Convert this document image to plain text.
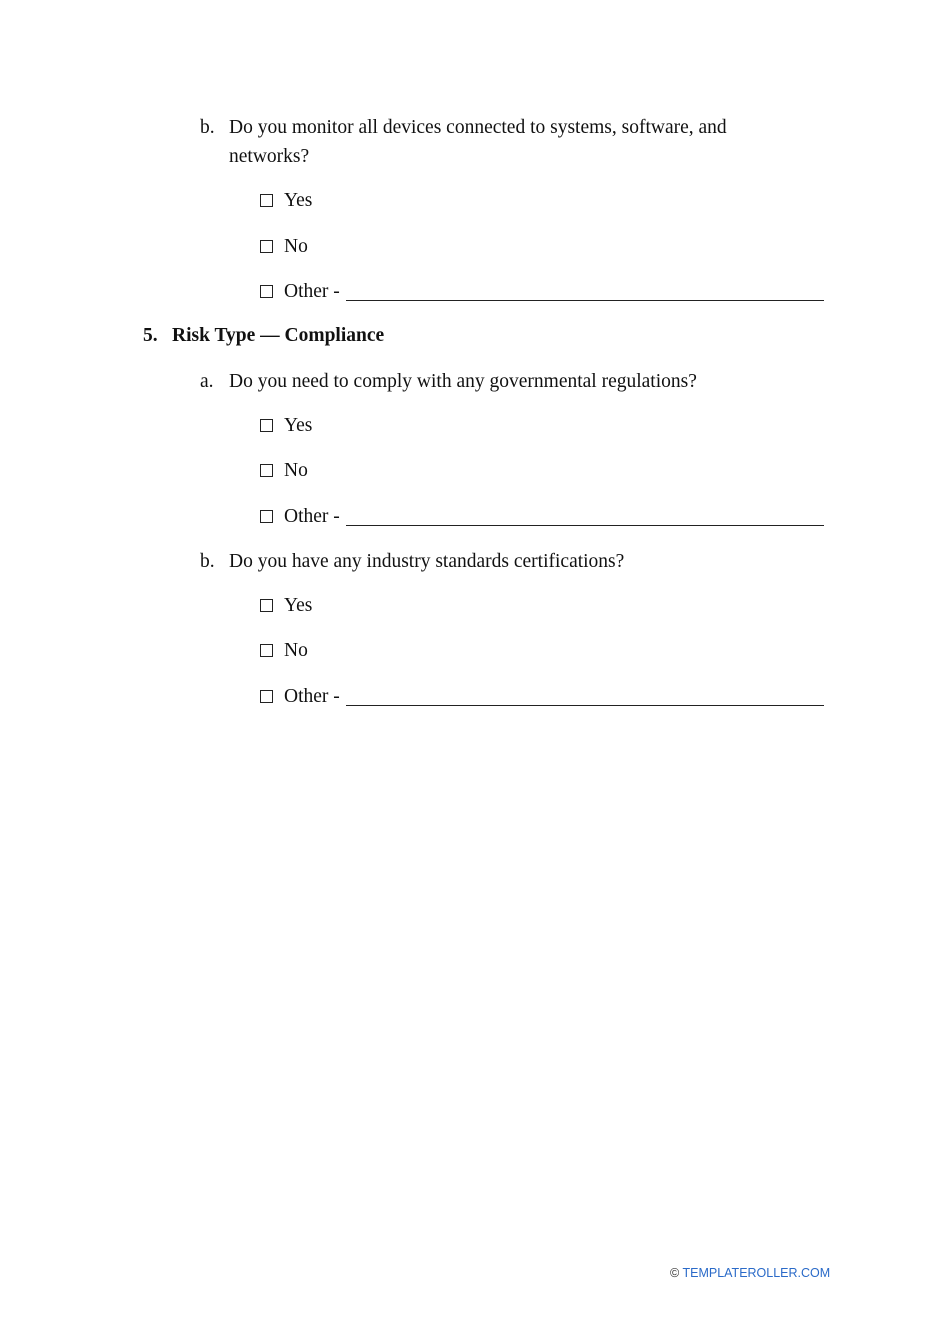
b. Do you monitor all devices connected to systems, software, and networks?
Yes
No
Other -
5. Risk Type — Compliance
a. Do you need to comply with any governmental regulations?
Yes
No
Other -
b. Do you have any industry standards certifications?
Yes
No
Other -
© TEMPLATEROLLER.COM
